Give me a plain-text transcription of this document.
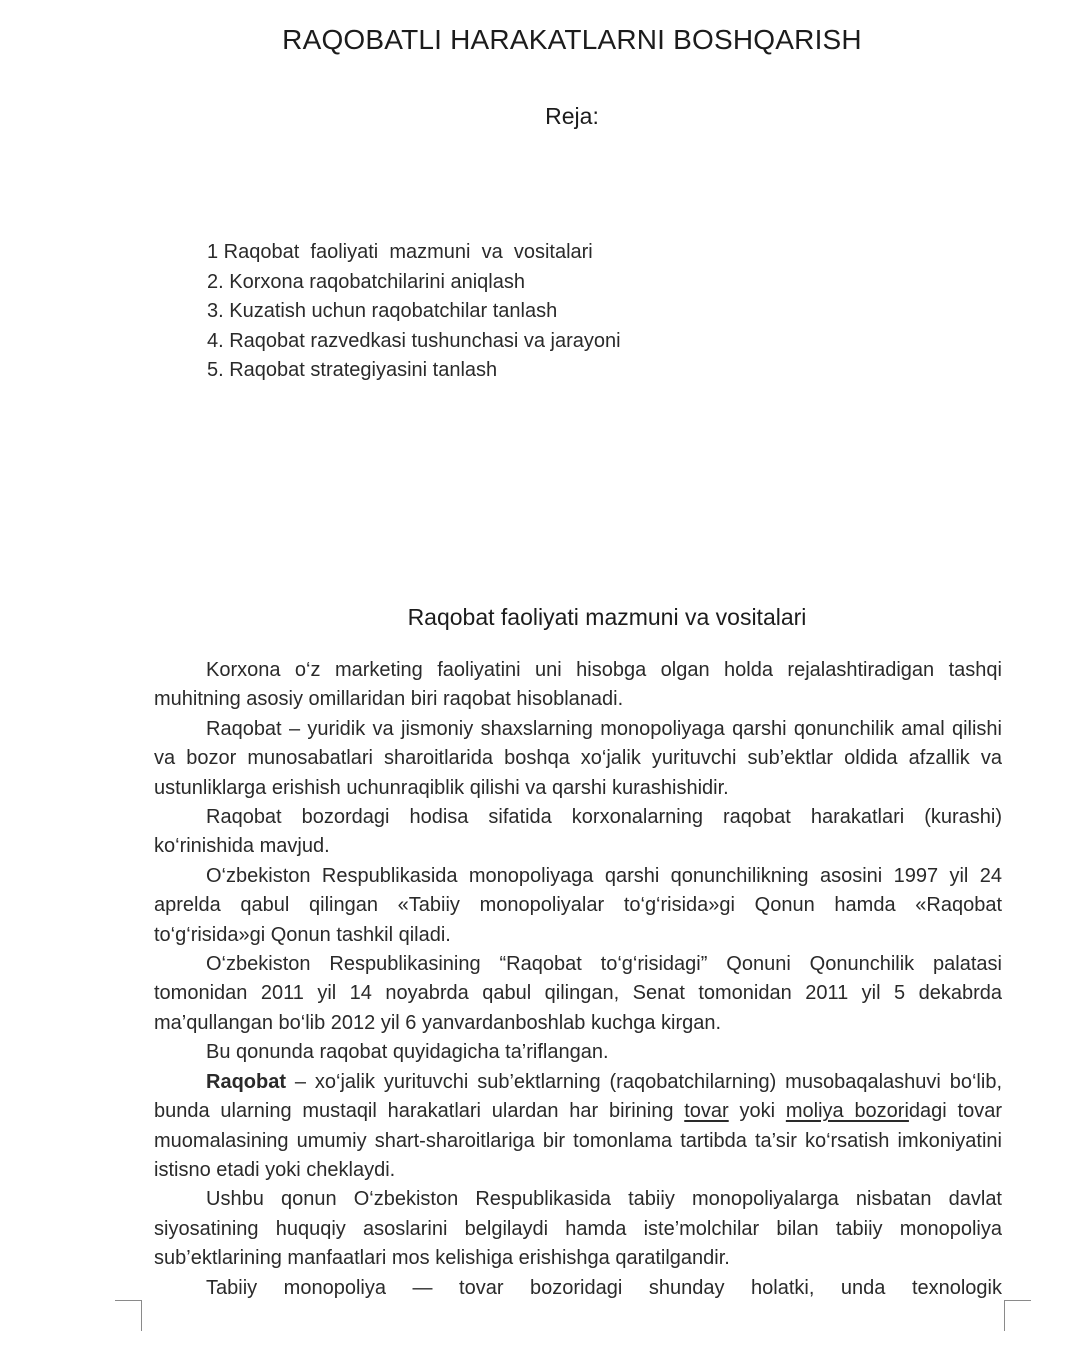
RAQOBATLI HARAKATLARNI BOSHQARISH
Reja:
1 Raqobat  faoliyati  mazmuni  va  vositalari
2. Korxona raqobatchilarini aniqlash
3. Kuzatish uchun raqobatchilar tanlash
4. Raqobat razvedkasi tushunchasi va jarayoni
5. Raqobat strategiyasini tanlash
Raqobat faoliyati mazmuni va vositalari

Korxona o‘z marketing faoliyatini uni hisobga olgan holda rejalashtiradigan tashqi muhitning asosiy omillaridan biri raqobat hisoblanadi.

Raqobat – yuridik va jismoniy shaxslarning monopoliyaga qarshi qonunchilik amal qilishi va bozor munosabatlari sharoitlarida boshqa xo‘jalik yurituvchi sub’ektlar oldida afzallik va ustunliklarga erishish uchunraqiblik qilishi va qarshi kurashishidir.

Raqobat bozordagi hodisa sifatida korxonalarning raqobat harakatlari (kurashi) ko‘rinishida mavjud.

O‘zbekiston Respublikasida monopoliyaga qarshi qonunchilikning asosini 1997 yil 24 aprelda qabul qilingan «Tabiiy monopoliyalar to‘g‘risida»gi Qonun hamda «Raqobat to‘g‘risida»gi Qonun tashkil qiladi.

O‘zbekiston Respublikasining “Raqobat to‘g‘risidagi” Qonuni Qonunchilik palatasi tomonidan 2011 yil 14 noyabrda qabul qilingan, Senat tomonidan 2011 yil 5 dekabrda ma’qullangan bo‘lib 2012 yil 6 yanvardanboshlab kuchga kirgan.

Bu qonunda raqobat quyidagicha ta’riflangan.

Raqobat – xo‘jalik yurituvchi sub’ektlarning (raqobatchilarning) musobaqalashuvi bo‘lib, bunda ularning mustaqil harakatlari ulardan har birining tovar yoki moliya bozoridagi tovar muomalasining umumiy shart-sharoitlariga bir tomonlama tartibda ta’sir ko‘rsatish imkoniyatini istisno etadi yoki cheklaydi.

Ushbu qonun O‘zbekiston Respublikasida tabiiy monopoliyalarga nisbatan davlat siyosatining huquqiy asoslarini belgilaydi hamda iste’molchilar bilan tabiiy monopoliya sub’ektlarining manfaatlari mos kelishiga erishishga qaratilgandir.

Tabiiy monopoliya — tovar bozoridagi shunday holatki, unda texnologik
